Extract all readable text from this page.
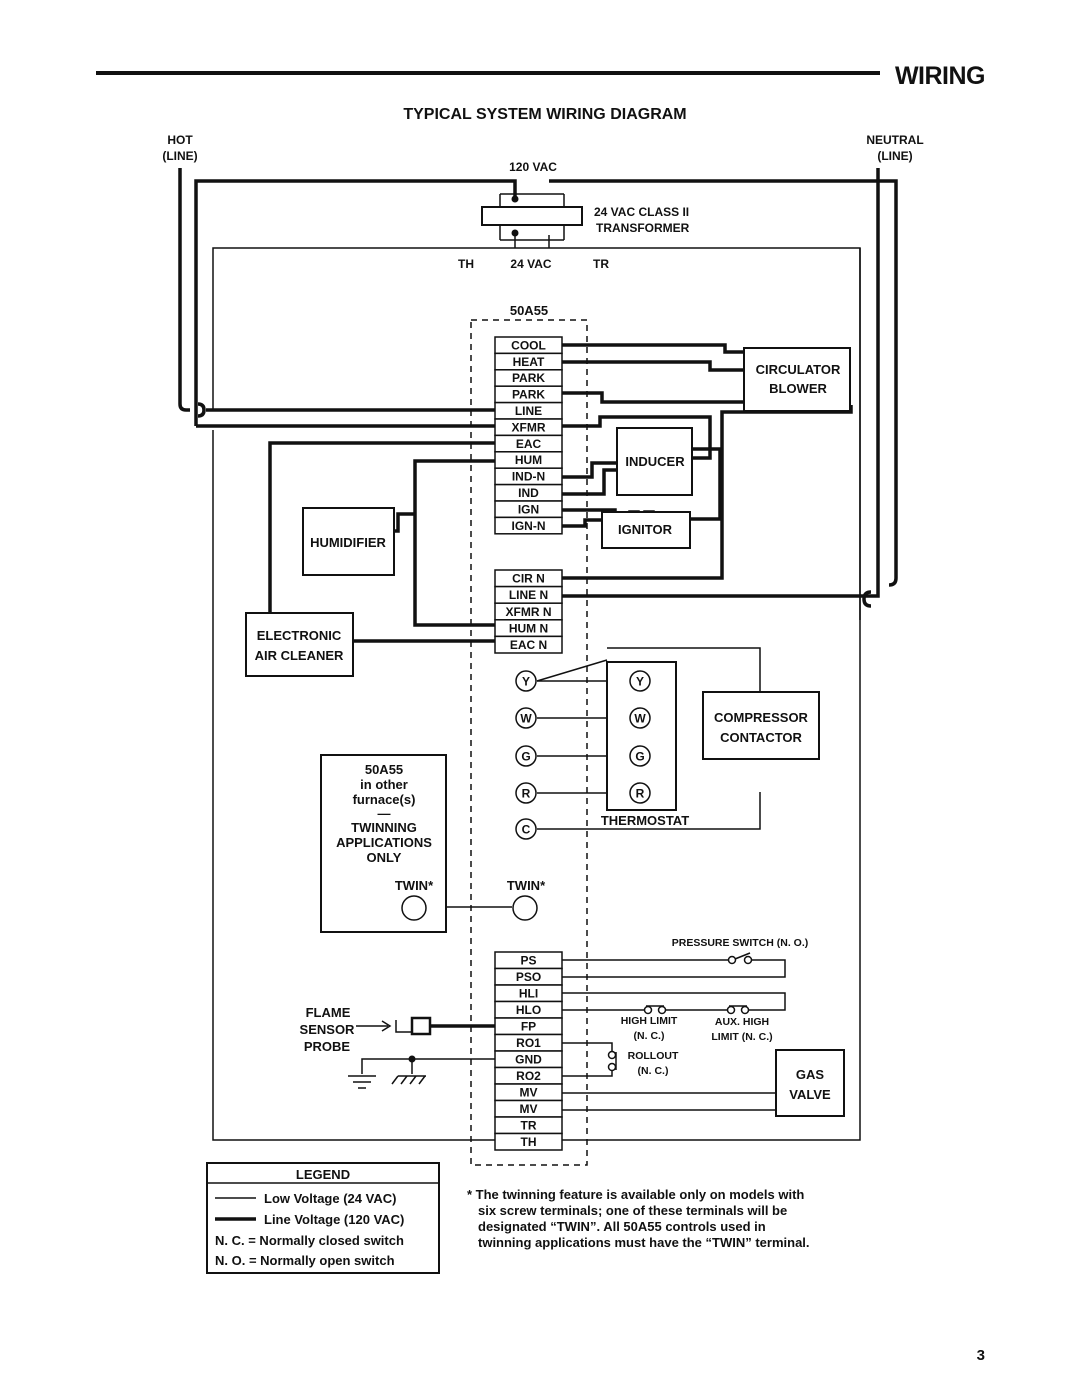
WIRING
TYPICAL SYSTEM WIRING DIAGRAM
HOT
(LINE)
NEUTRAL
(LINE)
120 VAC
24 VAC CLASS II
TRANSFORMER
TH	24 VAC	TR
50A55
COOL
HEAT
PARK
PARK
LINE
XFMR
EAC
HUM
IND-N
IND
IGN
IGN-N
CIR N
LINE N
XFMR N
HUM N
EAC N
PS
PSO
HLI
HLO
FP
RO1
GND
RO2
MV
MV
TR
TH
Y
W
G
R
C
TWIN*
CIRCULATOR
BLOWER
INDUCER
IGNITOR
HUMIDIFIER
ELECTRONIC
AIR CLEANER
COMPRESSOR
CONTACTOR
THERMOSTAT
Y
W
G
R
50A55
in other
furnace(s)
—
TWINNING
APPLICATIONS
ONLY
TWIN*
GAS
VALVE
PRESSURE SWITCH (N. O.)
HIGH LIMIT
(N. C.)
AUX. HIGH
LIMIT (N. C.)
ROLLOUT
(N. C.)
FLAME
SENSOR
PROBE
LEGEND
Low Voltage (24 VAC)
Line Voltage (120 VAC)
N. C. = Normally closed switch
N. O. = Normally open switch
* The twinning feature is available only on models with
six screw terminals; one of these terminals will be
designated “TWIN”. All 50A55 controls used in
twinning applications must have the “TWIN” terminal.
3
